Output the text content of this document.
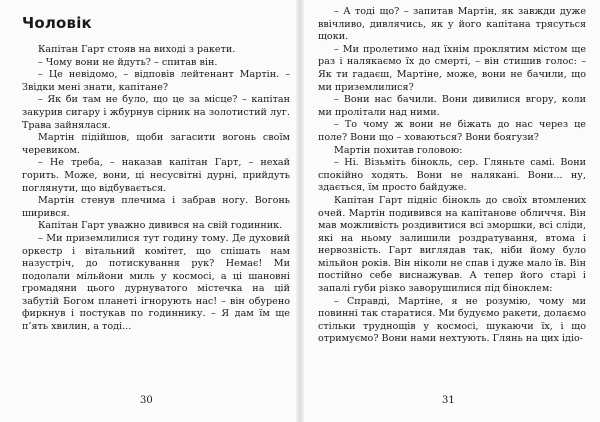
Чоловік

Капітан Гарт стояв на виході з ракети.

– Чому вони не йдуть? – спитав він.

– Це невідомо, – відповів лейтенант Мартін. – Звідки мені знати, капітане?

– Як би там не було, що це за місце? – капітан закурив сигару і жбурнув сірник на золотистий луг. Трава зайнялася.

Мартін підійшов, щоби загасити вогонь своїм черевиком.

– Не треба, – наказав капітан Гарт, – нехай горить. Може, вони, ці несусвітні дурні, прийдуть поглянути, що відбувається.

Мартін стенув плечима і забрав ногу. Вогонь ширився.

Капітан Гарт уважно дивився на свій годинник.

– Ми приземлилися тут годину тому. Де духовий оркестр і вітальний комітет, що спішать нам назустріч, до потискування рук? Немає! Ми подолали мільйони миль у космосі, а ці шановні громадяни цього дурнуватого містечка на цій забутій Богом планеті ігнорують нас! – він обурено фиркнув і постукав по годиннику. – Я дам їм ще п’ять хвилин, а тоді...

30

– А тоді що? – запитав Мартін, як завжди дуже ввічливо, дивлячись, як у його капітана трясуться щоки.

– Ми пролетимо над їхнім проклятим містом ще раз і налякаємо їх до смерті, – він стишив голос: – Як ти гадаєш, Мартіне, може, вони не бачили, що ми приземлилися?

– Вони нас бачили. Вони дивилися вгору, коли ми пролітали над ними.

– То чому ж вони не біжать до нас через це поле? Вони що – ховаються? Вони боягузи?

Мартін похитав головою:

– Ні. Візьміть бінокль, сер. Гляньте самі. Вони спокійно ходять. Вони не налякані. Вони... ну, здається, їм просто байдуже.

Капітан Гарт підніс бінокль до своїх втомлених очей. Мартін подивився на капітанове обличчя. Він мав можливість роздивитися всі зморшки, всі сліди, які на ньому залишили роздратування, втома і нервозність. Гарт виглядав так, ніби йому було мільйон років. Він ніколи не спав і дуже мало їв. Він постійно себе виснажував. А тепер його старі і запалі губи різко заворушилися під біноклем:

– Справді, Мартіне, я не розумію, чому ми повинні так старатися. Ми будуємо ракети, долаємо стільки труднощів у космосі, шукаючи їх, і що отримуємо? Вони нами нехтують. Глянь на цих ідіо-

31
